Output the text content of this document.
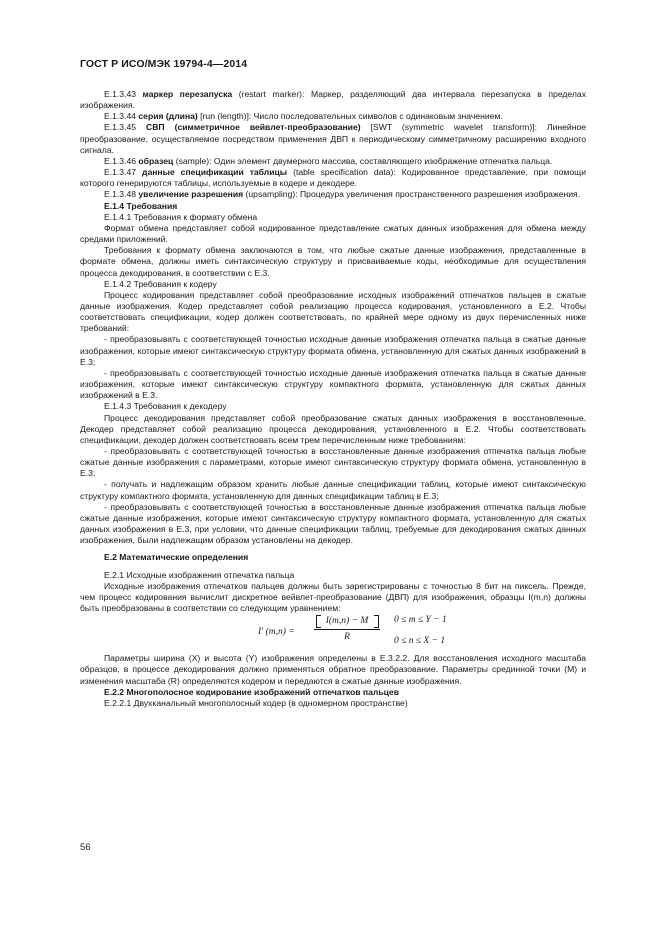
ГОСТ Р ИСО/МЭК 19794-4—2014

Е.1.3.43 маркер перезапуска (restart marker): Маркер, разделяющий два интервала перезапуска в пределах изображения.

Е.1.3.44 серия (длина) [run (length)]: Число последовательных символов с одинаковым значением.

Е.1.3.45 СВП (симметричное вейвлет-преобразование) [SWT (symmetric wavelet transform)]: Линейное преобразование, осуществляемое посредством применения ДВП к периодическому симметричному расширению входного сигнала.

Е.1.3.46 образец (sample): Один элемент двумерного массива, составляющего изображение отпечатка пальца.

Е.1.3.47 данные спецификации таблицы (table specification data): Кодированное представление, при помощи которого генерируются таблицы, используемые в кодере и декодере.

Е.1.3.48 увеличение разрешения (upsampling): Процедура увеличения пространственного разрешения изображения.

Е.1.4 Требования

Е.1.4.1 Требования к формату обмена

Формат обмена представляет собой кодированное представление сжатых данных изображения для обмена между средами приложений.

Требования к формату обмена заключаются в том, что любые сжатые данные изображения, представленные в формате обмена, должны иметь синтаксическую структуру и присваиваемые коды, необходимые для осуществления процесса декодирования, в соответствии с Е.3.

Е.1.4.2 Требования к кодеру

Процесс кодирования представляет собой преобразование исходных изображений отпечатков пальцев в сжатые данные изображения. Кодер представляет собой реализацию процесса кодирования, установленного в Е.2. Чтобы соответствовать спецификации, кодер должен соответствовать, по крайней мере одному из двух перечисленных ниже требований:

- преобразовывать с соответствующей точностью исходные данные изображения отпечатка пальца в сжатые данные изображения, которые имеют синтаксическую структуру формата обмена, установленную для сжатых данных изображений в Е.3;

- преобразовывать с соответствующей точностью исходные данные изображения отпечатка пальца в сжатые данные изображения, которые имеют синтаксическую структуру компактного формата, установленную для сжатых данных изображений в Е.3.

Е.1.4.3 Требования к декодеру

Процесс декодирования представляет собой преобразование сжатых данных изображения в восстановленные. Декодер представляет собой реализацию процесса декодирования, установленного в Е.2. Чтобы соответствовать спецификации, декодер должен соответствовать всем трем перечисленным ниже требованиям:

- преобразовывать с соответствующей точностью в восстановленные данные изображения отпечатка пальца любые сжатые данные изображения с параметрами, которые имеют синтаксическую структуру формата обмена, установленную в Е.3;

- получать и надлежащим образом хранить любые данные спецификации таблиц, которые имеют синтаксическую структуру компактного формата, установленную для данных спецификации таблиц в Е.3;

- преобразовывать с соответствующей точностью в восстановленные данные изображения отпечатка пальца любые сжатые данные изображения, которые имеют синтаксическую структуру компактного формата, установленную для сжатых данных изображения в Е.3, при условии, что данные спецификации таблиц, требуемые для декодирования сжатых данных изображения, были надлежащим образом установлены на декодер.

Е.2 Математические определения

Е.2.1 Исходные изображения отпечатка пальца

Исходные изображения отпечатков пальцев должны быть зарегистрированы с точностью 8 бит на пиксель. Прежде, чем процесс кодирования вычислит дискретное вейвлет-преобразование (ДВП) для изображения, образцы I(m,n) должны быть преобразованы в соответствии со следующим уравнением:

I′ (m,n) =
I(m,n) − M
R
0 ≤ m ≤ Y − 1
0 ≤ n ≤ X − 1

Параметры ширина (X) и высота (Y) изображения определены в Е.3.2.2. Для восстановления исходного масштаба образцов, в процессе декодирования должно применяться обратное преобразование. Параметры срединной точки (M) и изменения масштаба (R) определяются кодером и передаются в сжатые данные изображения.

Е.2.2 Многополосное кодирование изображений отпечатков пальцев

Е.2.2.1 Двухканальный многополосный кодер (в одномерном пространстве)

56
